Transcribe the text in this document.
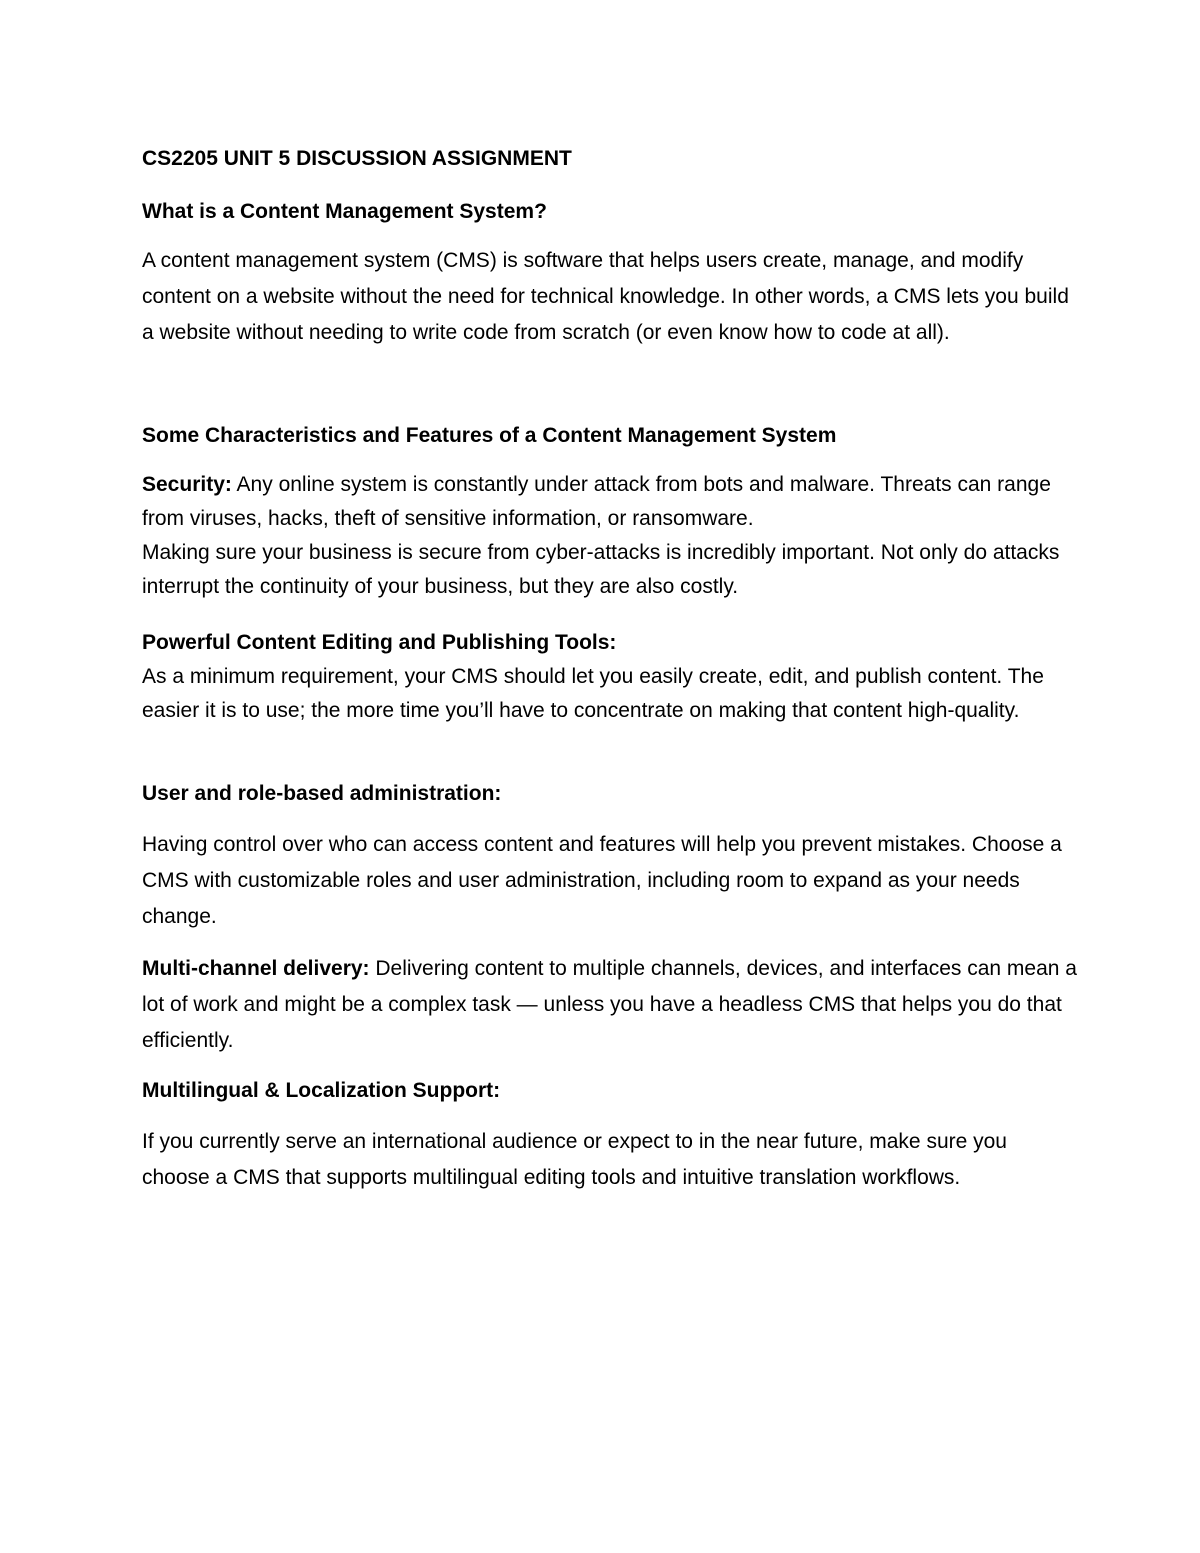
CS2205 UNIT 5 DISCUSSION ASSIGNMENT
What is a Content Management System?

A content management system (CMS) is software that helps users create, manage, and modify content on a website without the need for technical knowledge. In other words, a CMS lets you build a website without needing to write code from scratch (or even know how to code at all).

Some Characteristics and Features of a Content Management System

Security: Any online system is constantly under attack from bots and malware. Threats can range from viruses, hacks, theft of sensitive information, or ransomware.

Making sure your business is secure from cyber-attacks is incredibly important. Not only do attacks interrupt the continuity of your business, but they are also costly.

Powerful Content Editing and Publishing Tools:

As a minimum requirement, your CMS should let you easily create, edit, and publish content. The easier it is to use; the more time you’ll have to concentrate on making that content high-quality.

User and role-based administration:

Having control over who can access content and features will help you prevent mistakes. Choose a CMS with customizable roles and user administration, including room to expand as your needs change.

Multi-channel delivery: Delivering content to multiple channels, devices, and interfaces can mean a lot of work and might be a complex task — unless you have a headless CMS that helps you do that efficiently.

Multilingual & Localization Support:

If you currently serve an international audience or expect to in the near future, make sure you choose a CMS that supports multilingual editing tools and intuitive translation workflows.
